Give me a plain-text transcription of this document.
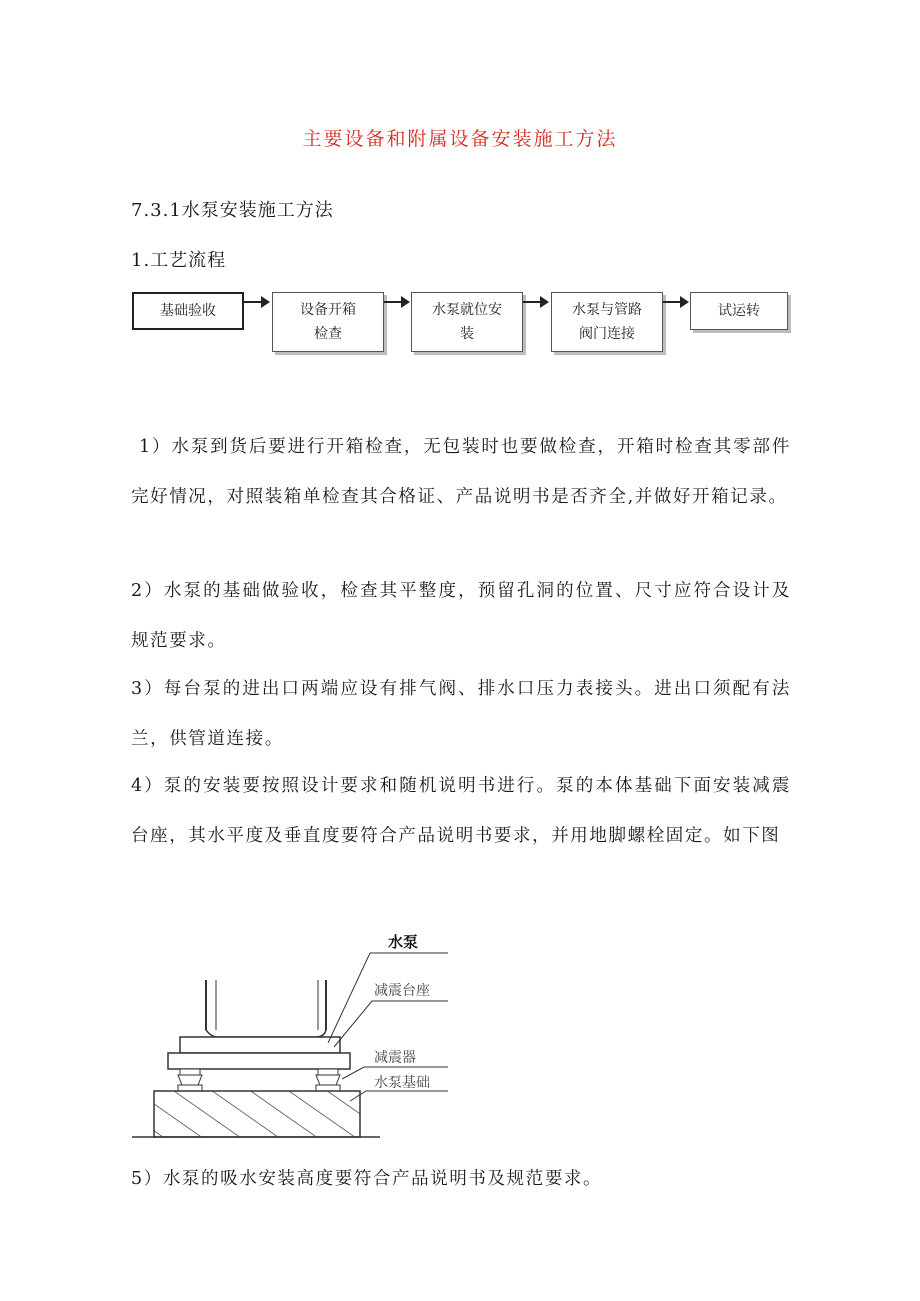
主要设备和附属设备安装施工方法
7.3.1水泵安装施工方法
1.工艺流程
基础验收	设备开箱
检查
水泵就位安
装
水泵与管路
阀门连接
试运转

1）水泵到货后要进行开箱检查，无包装时也要做检查，开箱时检查其零部件完好情况，对照装箱单检查其合格证、产品说明书是否齐全,并做好开箱记录。

2）水泵的基础做验收，检查其平整度，预留孔洞的位置、尺寸应符合设计及规范要求。

3）每台泵的进出口两端应设有排气阀、排水口压力表接头。进出口须配有法兰，供管道连接。

4）泵的安装要按照设计要求和随机说明书进行。泵的本体基础下面安装减震台座，其水平度及垂直度要符合产品说明书要求，并用地脚螺栓固定。如下图

水泵
减震台座
减震器
水泵基础

5）水泵的吸水安装高度要符合产品说明书及规范要求。
